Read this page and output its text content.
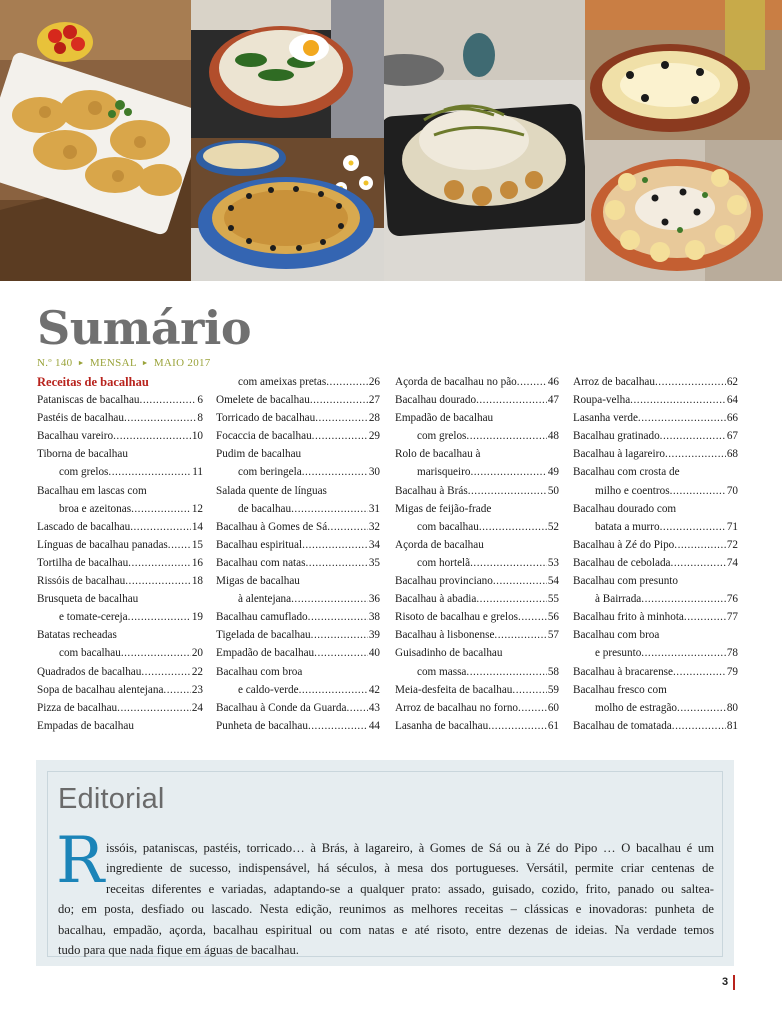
Sumário
N.º 140 ► MENSAL ► MAIO 2017
Receitas de bacalhau
Pataniscas de bacalhau .....	6
Pastéis de bacalhau .....	8
Bacalhau vareiro .....	10
Tiborna de bacalhau
com grelos .....	11
Bacalhau em lascas com
broa e azeitonas .....	12
Lascado de bacalhau .....	14
Línguas de bacalhau panadas ..... 15
Tortilha de bacalhau .....	16
Rissóis de bacalhau .....	18
Brusqueta de bacalhau
e tomate-cereja .....	19
Batatas recheadas
com bacalhau .....	20
Quadrados de bacalhau .....	22
Sopa de bacalhau alentejana .....	23
Pizza de bacalhau .....	24
Empadas de bacalhau
com ameixas pretas .....	26
Omelete de bacalhau .....	27
Torricado de bacalhau .....	28
Focaccia de bacalhau .....	29
Pudim de bacalhau
com beringela .....	30
Salada quente de línguas
de bacalhau .....	31
Bacalhau à Gomes de Sá .....	32
Bacalhau espiritual .....	34
Bacalhau com natas .....	35
Migas de bacalhau
à alentejana .....	36
Bacalhau camuflado .....	38
Tigelada de bacalhau .....	39
Empadão de bacalhau .....	40
Bacalhau com broa
e caldo-verde .....	42
Bacalhau à Conde da Guarda ..... 43
Punheta de bacalhau .....	44
Açorda de bacalhau no pão .....	46
Bacalhau dourado .....	47
Empadão de bacalhau
com grelos .....	48
Rolo de bacalhau à
marisqueiro .....	49
Bacalhau à Brás .....	50
Migas de feijão-frade
com bacalhau .....	52
Açorda de bacalhau
com hortelã .....	53
Bacalhau provinciano .....	54
Bacalhau à abadia .....	55
Risoto de bacalhau e grelos .....	56
Bacalhau à lisbonense .....	57
Guisadinho de bacalhau
com massa .....	58
Meia-desfeita de bacalhau .....	59
Arroz de bacalhau no forno .....	60
Lasanha de bacalhau .....	61
Arroz de bacalhau .....	62
Roupa-velha .....	64
Lasanha verde .....	66
Bacalhau gratinado .....	67
Bacalhau à lagareiro .....	68
Bacalhau com crosta de
milho e coentros .....	70
Bacalhau dourado com
batata a murro .....	71
Bacalhau à Zé do Pipo .....	72
Bacalhau de cebolada .....	74
Bacalhau com presunto
à Bairrada .....	76
Bacalhau frito à minhota .....	77
Bacalhau com broa
e presunto .....	78
Bacalhau à bracarense .....	79
Bacalhau fresco com
molho de estragão .....	80
Bacalhau de tomatada .....	81
Editorial
R issóis, pataniscas, pastéis, torricado… à Brás, à lagareiro, à Gomes de Sá ou à Zé do Pipo … O bacalhau é um
ingrediente de sucesso, indispensável, há séculos, à mesa dos portugueses. Versátil, permite criar centenas de
receitas diferentes e variadas, adaptando-se a qualquer prato: assado, guisado, cozido, frito, panado ou saltea-
do; em posta, desfiado ou lascado. Nesta edição, reunimos as melhores receitas – clássicas e inovadoras: punheta de
bacalhau, empadão, açorda, bacalhau espiritual ou com natas e até risoto, entre dezenas de ideias. Na verdade temos
tudo para que nada fique em águas de bacalhau.
3
